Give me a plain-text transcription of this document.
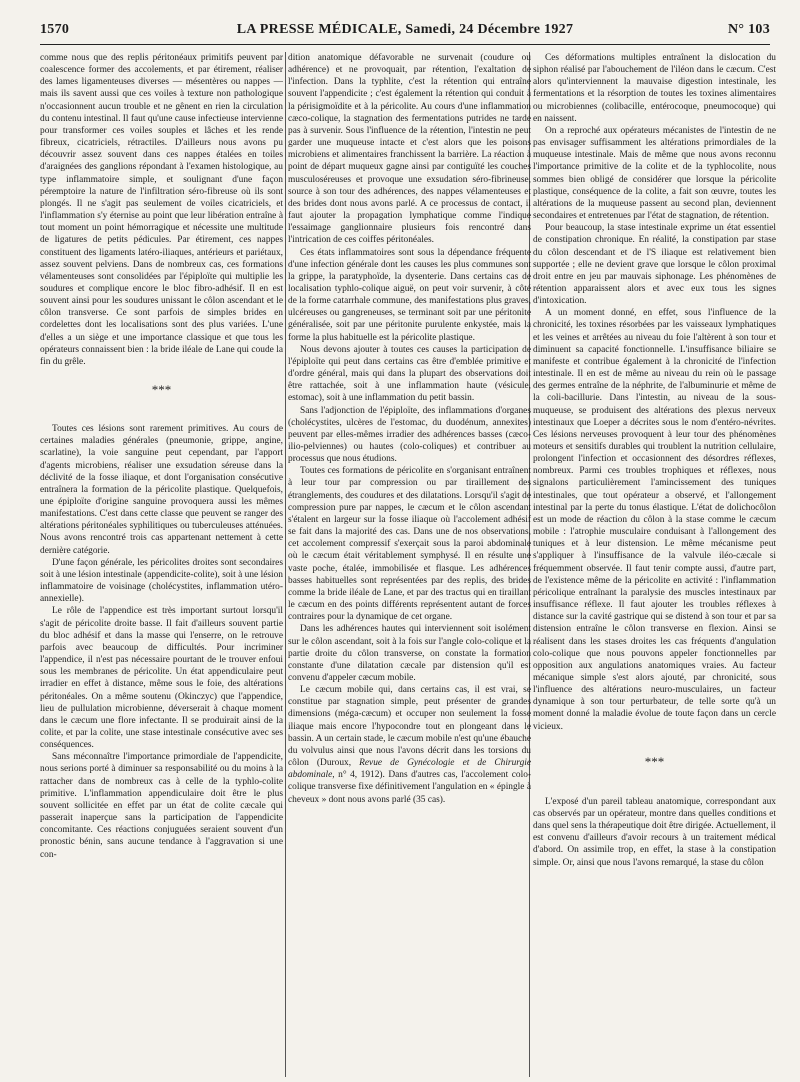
1570	LA PRESSE MÉDICALE, Samedi, 24 Décembre 1927	N° 103

comme nous que des replis péritonéaux primitifs peuvent par coalescence former des accolements, et par étirement, réaliser des lames ligamenteuses diverses — mésentères ou nappes — mais ils savent aussi que ces voiles à texture non pathologique n'occasionnent aucun trouble et ne gênent en rien la circulation du contenu intestinal. Il faut qu'une cause infectieuse intervienne pour transformer ces voiles souples et lâches et les rende fibreux, cicatriciels, rétractiles. D'ailleurs nous avons pu découvrir assez souvent dans ces nappes étalées en toiles d'araignées des ganglions répondant à l'examen histologique, au type inflammatoire simple, et soulignant d'une façon péremptoire la nature de l'infiltration séro-fibreuse où ils sont plongés. Il ne s'agit pas seulement de voiles cicatriciels, et l'inflammation s'y éternise au point que leur libération entraîne à tout moment un point hémorragique et nécessite une multitude de ligatures de petits pédicules. Par étirement, ces nappes constituent des ligaments latéro-iliaques, antérieurs et pariétaux, assez souvent pelviens. Dans de nombreux cas, ces formations vélamenteuses sont consolidées par l'épiploïte qui multiplie les soudures et complique encore le bloc fibro-adhésif. Il en est souvent ainsi pour les soudures unissant le côlon ascendant et le côlon transverse. Ce sont parfois de simples brides en cordelettes dont les localisations sont des plus variées. L'une d'elles a un siège et une importance classique et que tous les opérateurs connaissent bien : la bride iléale de Lane qui coude la fin du grêle.

***

Toutes ces lésions sont rarement primitives. Au cours de certaines maladies générales (pneumonie, grippe, angine, scarlatine), la voie sanguine peut cependant, par l'apport d'agents microbiens, réaliser une exsudation séreuse dans la déclivité de la fosse iliaque, et dont l'organisation consécutive entraînera la formation de la péricolite plastique. Quelquefois, une épiploïte d'origine sanguine provoquera aussi les mêmes manifestations. C'est dans cette classe que peuvent se ranger des altérations péritonéales syphilitiques ou tuberculeuses atténuées. Nous avons rencontré trois cas appartenant nettement à cette dernière catégorie.

D'une façon générale, les péricolites droites sont secondaires soit à une lésion intestinale (appendicite-colite), soit à une lésion inflammatoire de voisinage (cholécystites, inflammation utéro-annexielle).

Le rôle de l'appendice est très important surtout lorsqu'il s'agit de péricolite droite basse. Il fait d'ailleurs souvent partie du bloc adhésif et dans la masse qui l'enserre, on le retrouve parfois avec beaucoup de difficultés. Pour incriminer l'appendice, il n'est pas nécessaire pourtant de le trouver enfoui sous les membranes de péricolite. Un état appendiculaire peut irradier en effet à distance, même sous le foie, des altérations péritonéales. On a même soutenu (Okinczyc) que l'appendice, lieu de pullulation microbienne, déverserait à chaque moment dans le cæcum une flore infectante. Il se produirait ainsi de la colite, et par la colite, une stase intestinale consécutive avec ses conséquences.

Sans méconnaître l'importance primordiale de l'appendicite, nous serions porté à diminuer sa responsabilité ou du moins à la rattacher dans de nombreux cas à celle de la typhlo-colite primitive. L'inflammation appendiculaire doit être le plus souvent sollicitée en effet par un état de colite cæcale qui passerait inaperçue sans la participation de l'appendicite concomitante. Ces réactions conjuguées seraient souvent d'un pronostic bénin, sans aucune tendance à l'aggravation si une con-

dition anatomique défavorable ne survenait (coudure ou adhérence) et ne provoquait, par rétention, l'exaltation de l'infection. Dans la typhlite, c'est la rétention qui entraîne souvent l'appendicite ; c'est également la rétention qui conduit à la périsigmoïdite et à la péricolite. Au cours d'une inflammation cæco-colique, la stagnation des fermentations putrides ne tarde pas à survenir. Sous l'influence de la rétention, l'intestin ne peut garder une muqueuse intacte et c'est alors que les poisons microbiens et alimentaires franchissent la barrière. La réaction à point de départ muqueux gagne ainsi par contiguïté les couches musculoséreuses et provoque une exsudation séro-fibrineuse, source à son tour des adhérences, des nappes vélamenteuses et des brides dont nous avons parlé. A ce processus de contact, il faut ajouter la propagation lymphatique comme l'indique l'essaimage ganglionnaire plusieurs fois rencontré dans l'intrication de ces coiffes péritonéales.

Ces états inflammatoires sont sous la dépendance fréquente d'une infection générale dont les causes les plus communes sont la grippe, la paratyphoïde, la dysenterie. Dans certains cas de localisation typhlo-colique aiguë, on peut voir survenir, à côté de la forme catarrhale commune, des manifestations plus graves, ulcéreuses ou gangreneuses, se terminant soit par une péritonite généralisée, soit par une péritonite purulente enkystée, mais la forme la plus habituelle est la péricolite plastique.

Nous devons ajouter à toutes ces causes la participation de l'épiploïte qui peut dans certains cas être d'emblée primitive et d'ordre général, mais qui dans la plupart des observations doit être rattachée, soit à une inflammation haute (vésicule, estomac), soit à une inflammation du petit bassin.

Sans l'adjonction de l'épiploïte, des inflammations d'organes (cholécystites, ulcères de l'estomac, du duodénum, annexites) peuvent par elles-mêmes irradier des adhérences basses (cæco-ilio-pelviennes) ou hautes (colo-coliques) et contribuer au processus que nous étudions.

Toutes ces formations de péricolite en s'organisant entraînent à leur tour par compression ou par tiraillement des étranglements, des coudures et des dilatations. Lorsqu'il s'agit de compression pure par nappes, le cæcum et le côlon ascendant s'étalent en largeur sur la fosse iliaque où l'accolement adhésif se fait dans la majorité des cas. Dans une de nos observations, cet accolement compressif s'exerçait sous la paroi abdominale où le cæcum était véritablement symphysé. Il en résulte une vaste poche, étalée, immobilisée et flasque. Les adhérences basses habituelles sont représentées par des replis, des brides comme la bride iléale de Lane, et par des tractus qui en tiraillant le cæcum en des points différents représentent autant de forces contraires pour la dynamique de cet organe.

Dans les adhérences hautes qui interviennent soit isolément sur le côlon ascendant, soit à la fois sur l'angle colo-colique et la partie droite du côlon transverse, on constate la formation constante d'une dilatation cæcale par distension qu'il est convenu d'appeler cæcum mobile.

Le cæcum mobile qui, dans certains cas, il est vrai, se constitue par stagnation simple, peut présenter de grandes dimensions (méga-cæcum) et occuper non seulement la fosse iliaque mais encore l'hypocondre tout en plongeant dans le bassin. A un certain stade, le cæcum mobile n'est qu'une ébauche du volvulus ainsi que nous l'avons décrit dans les torsions du côlon (Duroux, Revue de Gynécologie et de Chirurgie abdominale, n° 4, 1912). Dans d'autres cas, l'accolement colo-colique transverse fixe définitivement l'angulation en « épingle à cheveux » dont nous avons parlé (35 cas).

Ces déformations multiples entraînent la dislocation du siphon réalisé par l'abouchement de l'iléon dans le cæcum. C'est alors qu'interviennent la mauvaise digestion intestinale, les fermentations et la résorption de toutes les toxines alimentaires ou microbiennes (colibacille, entérocoque, pneumocoque) qui en naissent.

On a reproché aux opérateurs mécanistes de l'intestin de ne pas envisager suffisamment les altérations primordiales de la muqueuse intestinale. Mais de même que nous avons reconnu l'importance primitive de la colite et de la typhlocolite, nous sommes bien obligé de considérer que lorsque la péricolite plastique, conséquence de la colite, a fait son œuvre, toutes les altérations de la muqueuse passent au second plan, deviennent secondaires et entretenues par l'état de stagnation, de rétention.

Pour beaucoup, la stase intestinale exprime un état essentiel de constipation chronique. En réalité, la constipation par stase du côlon descendant et de l'S iliaque est relativement bien supportée ; elle ne devient grave que lorsque le côlon proximal droit entre en jeu par mauvais siphonage. Les phénomènes de rétention apparaissent alors et avec eux tous les signes d'intoxication.

A un moment donné, en effet, sous l'influence de la chronicité, les toxines résorbées par les vaisseaux lymphatiques et les veines et arrêtées au niveau du foie l'altèrent à son tour et diminuent sa capacité fonctionnelle. L'insuffisance biliaire se manifeste et contribue également à la chronicité de l'infection intestinale. Il en est de même au niveau du rein où le passage des germes entraîne de la néphrite, de l'albuminurie et même de la coli-bacillurie. Dans l'intestin, au niveau de la sous-muqueuse, se produisent des altérations des plexus nerveux intestinaux que Loeper a décrites sous le nom d'entéro-névrites. Ces lésions nerveuses provoquent à leur tour des phénomènes moteurs et sensitifs durables qui troublent la nutrition cellulaire, prolongent l'infection et occasionnent des désordres réflexes, nombreux. Parmi ces troubles trophiques et réflexes, nous signalons particulièrement l'amincissement des tuniques intestinales, que tout opérateur a observé, et l'allongement intestinal par la perte du tonus élastique. L'état de dolichocôlon est un mode de réaction du côlon à la stase comme le cæcum mobile : l'atrophie musculaire conduisant à l'allongement des tuniques et à leur distension. Le même mécanisme peut s'appliquer à l'insuffisance de la valvule iléo-cæcale si fréquemment observée. Il faut tenir compte aussi, d'autre part, de l'existence même de la péricolite en activité : l'inflammation péricolique entraînant la paralysie des muscles intestinaux par insuffisance réflexe. Il faut ajouter les troubles réflexes à distance sur la cavité gastrique qui se distend à son tour et par sa distension entraîne le côlon transverse en flexion. Ainsi se réalisent dans les stases droites les cas fréquents d'angulation colo-colique que nous pouvons appeler fonctionnelles par opposition aux angulations anatomiques vraies. Au facteur mécanique simple s'est alors ajouté, par chronicité, sous l'influence des altérations neuro-musculaires, un facteur dynamique à son tour perturbateur, de telle sorte qu'à un moment donné la maladie évolue de toute façon dans un cercle vicieux.

***

L'exposé d'un pareil tableau anatomique, correspondant aux cas observés par un opérateur, montre dans quelles conditions et dans quel sens la thérapeutique doit être dirigée. Actuellement, il est convenu d'ailleurs d'avoir recours à un traitement médical d'abord. On assimile trop, en effet, la stase à la constipation simple. Or, ainsi que nous l'avons remarqué, la stase du côlon
